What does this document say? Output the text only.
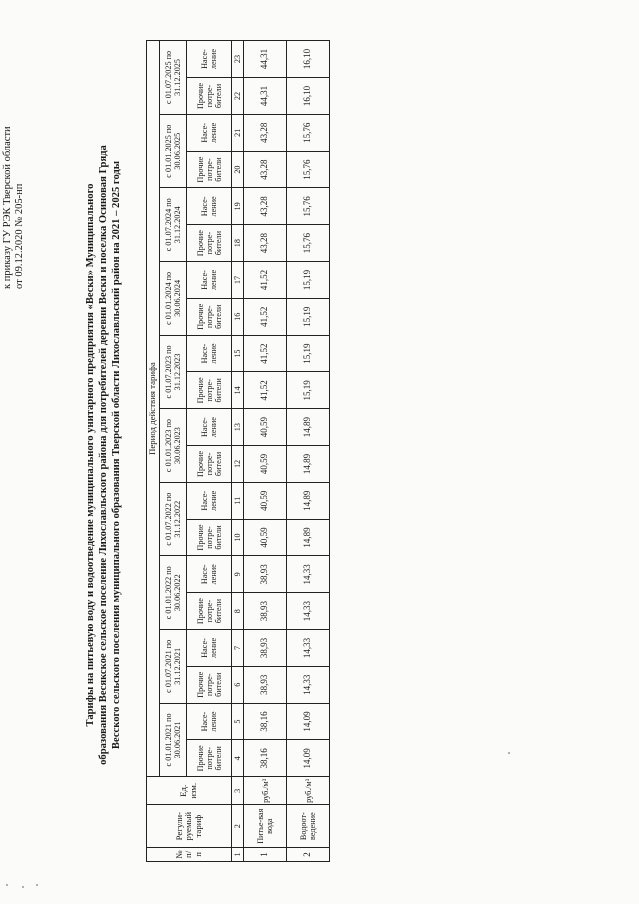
к приказу ГУ РЭК Тверской области от 09.12.2020 № 205-нп	Тарифы на питьевую воду и водоотведение муниципального унитарного предприятия «Вески» Муниципального образования Весякское сельское поселение Лихославльского района для потребителей деревни Вески и поселка Осиновая Гряда Весского сельского поселения муниципального образования Тверской области Лихославльский район на 2021 – 2025 годы
№ п/п	Регули-руемый тариф	Ед. изм.	Период действия тарифа																			
			с 01.01.2021 по 30.06.2021		с 01.07.2021 по 31.12.2021		с 01.01.2022 по 30.06.2022		с 01.07.2022 по 31.12.2022		с 01.01.2023 по 30.06.2023		с 01.07.2023 по 31.12.2023		с 01.01.2024 по 30.06.2024		с 01.07.2024 по 31.12.2024		с 01.01.2025 по 30.06.2025		с 01.07.2025 по 31.12.2025	
			Прочие потре-бители	Насе-ление	Прочие потре-бители	Насе-ление	Прочие потре-бители	Насе-ление	Прочие потре-бители	Насе-ление	Прочие потре-бители	Насе-ление	Прочие потре-бители	Насе-ление	Прочие потре-бители	Насе-ление	Прочие потре-бители	Насе-ление	Прочие потре-бители	Насе-ление	Прочие потре-бители	Насе-ление
1	2	3	4	5	6	7	8	9	10	11	12	13	14	15	16	17	18	19	20	21	22	23
1	Питье-вая вода	руб./м³	38,16	38,16	38,93	38,93	38,93	38,93	40,59	40,59	40,59	40,59	41,52	41,52	41,52	41,52	43,28	43,28	43,28	43,28	44,31	44,31
2	Водоот-ведение	руб./м³	14,09	14,09	14,33	14,33	14,33	14,33	14,89	14,89	14,89	14,89	15,19	15,19	15,19	15,19	15,76	15,76	15,76	15,76	16,10	16,10
